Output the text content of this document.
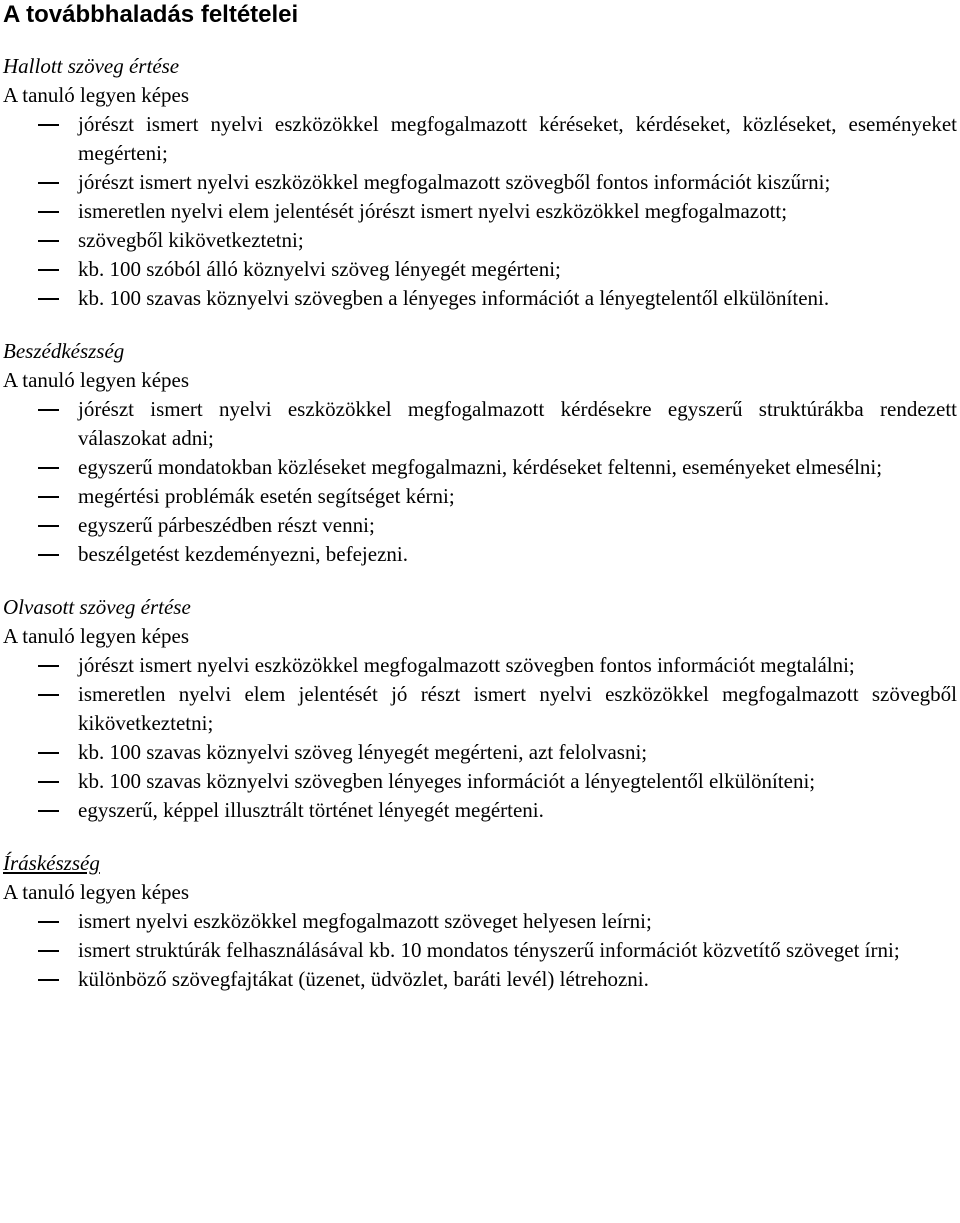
A továbbhaladás feltételei
Hallott szöveg értése
A tanuló legyen képes
jórészt ismert nyelvi eszközökkel megfogalmazott kéréseket, kérdéseket, közléseket, eseményeket megérteni;
jórészt ismert nyelvi eszközökkel megfogalmazott szövegből fontos információt kiszűrni;
ismeretlen nyelvi elem jelentését jórészt ismert nyelvi eszközökkel megfogalmazott;
szövegből kikövetkeztetni;
kb. 100 szóból álló köznyelvi szöveg lényegét megérteni;
kb. 100 szavas köznyelvi szövegben a lényeges információt a lényegtelentől elkülöníteni.
Beszédkészség
A tanuló legyen képes
jórészt ismert nyelvi eszközökkel megfogalmazott kérdésekre egyszerű struktúrákba rendezett válaszokat adni;
egyszerű mondatokban közléseket megfogalmazni, kérdéseket feltenni, eseményeket elmesélni;
megértési problémák esetén segítséget kérni;
egyszerű párbeszédben részt venni;
beszélgetést kezdeményezni, befejezni.
Olvasott szöveg értése
A tanuló legyen képes
jórészt ismert nyelvi eszközökkel megfogalmazott szövegben fontos információt megtalálni;
ismeretlen nyelvi elem jelentését jó részt ismert nyelvi eszközökkel megfogalmazott szövegből kikövetkeztetni;
kb. 100 szavas köznyelvi szöveg lényegét megérteni, azt felolvasni;
kb. 100 szavas köznyelvi szövegben lényeges információt a lényegtelentől elkülöníteni;
egyszerű, képpel illusztrált történet lényegét megérteni.
Íráskészség
A tanuló legyen képes
ismert nyelvi eszközökkel megfogalmazott szöveget helyesen leírni;
ismert struktúrák felhasználásával kb. 10 mondatos tényszerű információt közvetítő szöveget írni;
különböző szövegfajtákat (üzenet, üdvözlet, baráti levél) létrehozni.
